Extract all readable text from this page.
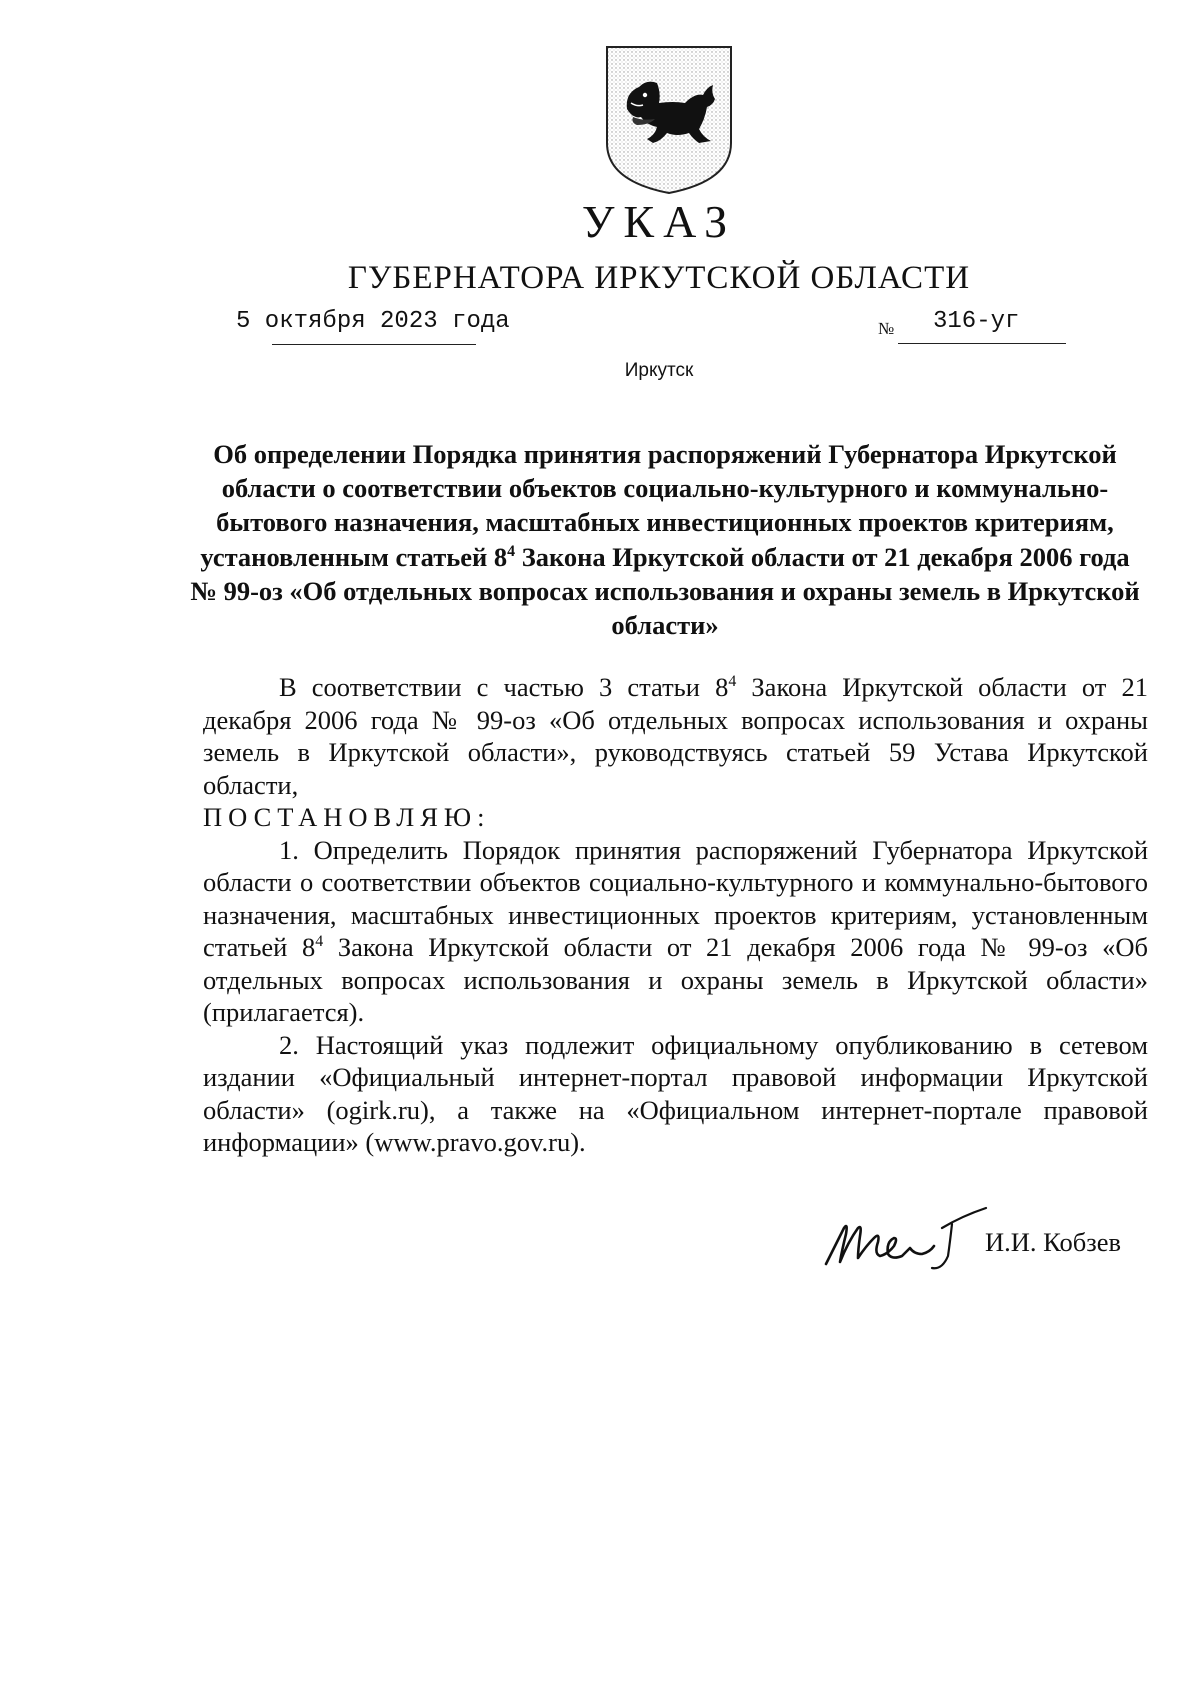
УКАЗ
ГУБЕРНАТОРА ИРКУТСКОЙ ОБЛАСТИ
5 октября 2023 года	№ 316-уг
Иркутск
Об определении Порядка принятия распоряжений Губернатора Иркутской области о соответствии объектов социально-культурного и коммунально-бытового назначения, масштабных инвестиционных проектов критериям, установленным статьей $8^4$ Закона Иркутской области от 21 декабря 2006 года № 99-оз «Об отдельных вопросах использования и охраны земель в Иркутской области»

В соответствии с частью 3 статьи $8^4$ Закона Иркутской области от 21 декабря 2006 года № 99-оз «Об отдельных вопросах использования и охраны земель в Иркутской области», руководствуясь статьей 59 Устава Иркутской области,

ПОСТАНОВЛЯЮ:

1. Определить Порядок принятия распоряжений Губернатора Иркутской области о соответствии объектов социально-культурного и коммунально-бытового назначения, масштабных инвестиционных проектов критериям, установленным статьей $8^4$ Закона Иркутской области от 21 декабря 2006 года № 99-оз «Об отдельных вопросах использования и охраны земель в Иркутской области» (прилагается).

2. Настоящий указ подлежит официальному опубликованию в сетевом издании «Официальный интернет-портал правовой информации Иркутской области» (ogirk.ru), а также на «Официальном интернет-портале правовой информации» (www.pravo.gov.ru).

И.И. Кобзев
